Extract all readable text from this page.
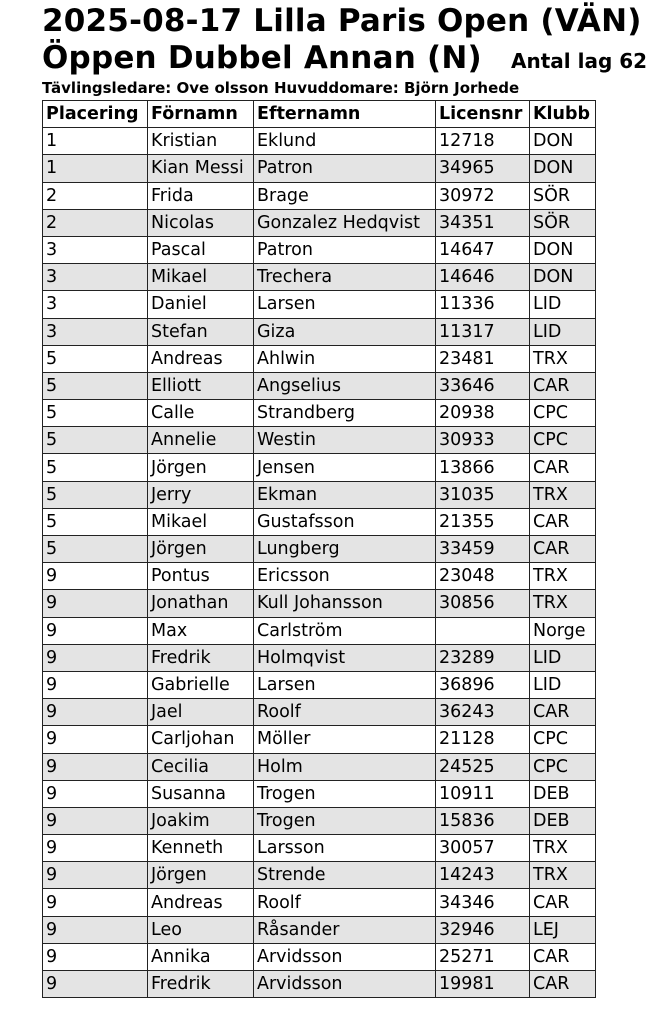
2025-08-17 Lilla Paris Open (VÄN)
Öppen Dubbel Annan (N) Antal lag 62
Tävlingsledare: Ove olsson Huvuddomare: Björn Jorhede
Placering	Förnamn	Efternamn	Licensnr	Klubb
1	Kristian	Eklund	12718	DON
1	Kian Messi	Patron	34965	DON
2	Frida	Brage	30972	SÖR
2	Nicolas	Gonzalez Hedqvist	34351	SÖR
3	Pascal	Patron	14647	DON
3	Mikael	Trechera	14646	DON
3	Daniel	Larsen	11336	LID
3	Stefan	Giza	11317	LID
5	Andreas	Ahlwin	23481	TRX
5	Elliott	Angselius	33646	CAR
5	Calle	Strandberg	20938	CPC
5	Annelie	Westin	30933	CPC
5	Jörgen	Jensen	13866	CAR
5	Jerry	Ekman	31035	TRX
5	Mikael	Gustafsson	21355	CAR
5	Jörgen	Lungberg	33459	CAR
9	Pontus	Ericsson	23048	TRX
9	Jonathan	Kull Johansson	30856	TRX
9	Max	Carlström		Norge
9	Fredrik	Holmqvist	23289	LID
9	Gabrielle	Larsen	36896	LID
9	Jael	Roolf	36243	CAR
9	Carljohan	Möller	21128	CPC
9	Cecilia	Holm	24525	CPC
9	Susanna	Trogen	10911	DEB
9	Joakim	Trogen	15836	DEB
9	Kenneth	Larsson	30057	TRX
9	Jörgen	Strende	14243	TRX
9	Andreas	Roolf	34346	CAR
9	Leo	Råsander	32946	LEJ
9	Annika	Arvidsson	25271	CAR
9	Fredrik	Arvidsson	19981	CAR
